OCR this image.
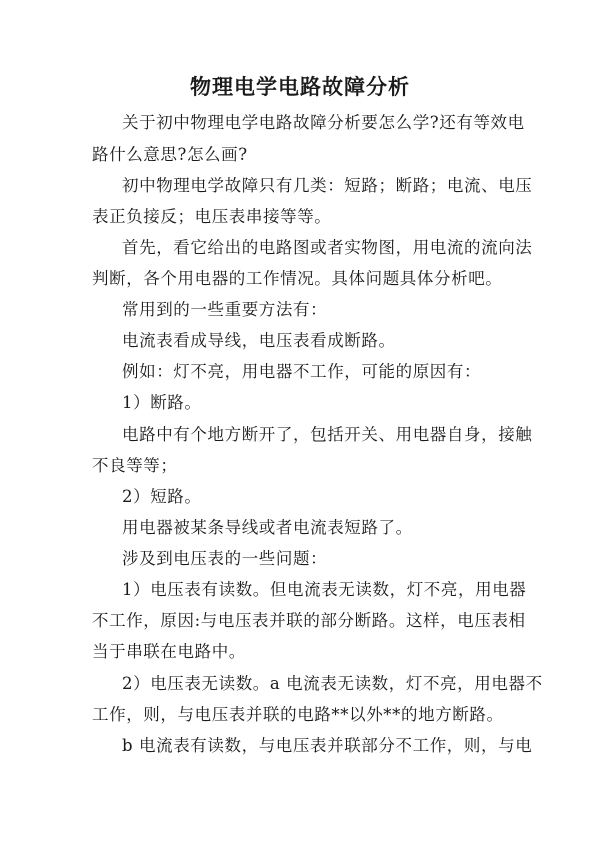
物理电学电路故障分析
关于初中物理电学电路故障分析要怎么学?还有等效电
路什么意思?怎么画?
初中物理电学故障只有几类：短路；断路；电流、电压
表正负接反；电压表串接等等。
首先，看它给出的电路图或者实物图，用电流的流向法
判断，各个用电器的工作情况。具体问题具体分析吧。
常用到的一些重要方法有：
电流表看成导线，电压表看成断路。
例如：灯不亮，用电器不工作，可能的原因有：
1）断路。
电路中有个地方断开了，包括开关、用电器自身，接触
不良等等；
2）短路。
用电器被某条导线或者电流表短路了。
涉及到电压表的一些问题：
1）电压表有读数。但电流表无读数，灯不亮，用电器
不工作，原因:与电压表并联的部分断路。这样，电压表相
当于串联在电路中。
2）电压表无读数。a 电流表无读数，灯不亮，用电器不
工作，则，与电压表并联的电路**以外**的地方断路。
b 电流表有读数，与电压表并联部分不工作，则，与电
